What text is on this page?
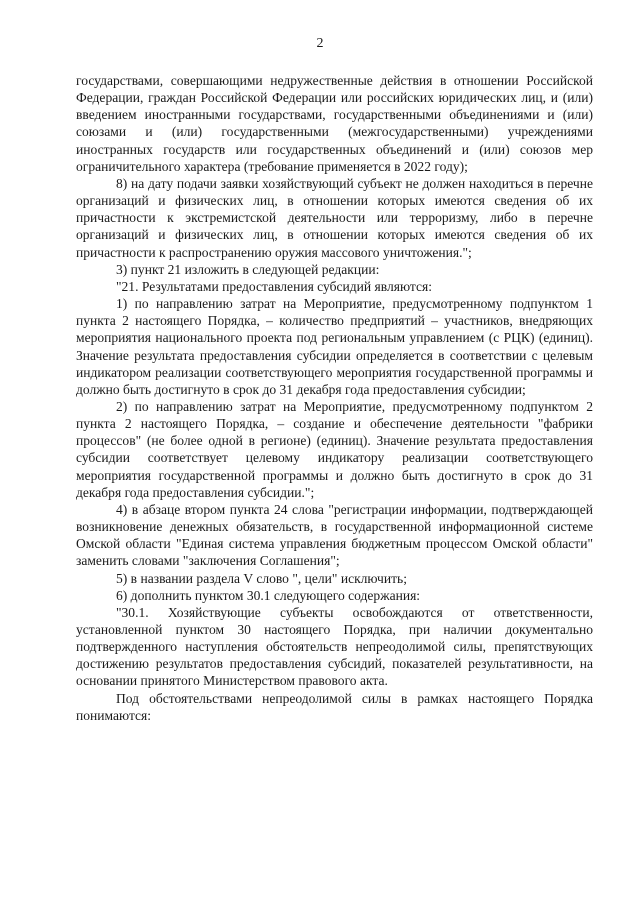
2

государствами, совершающими недружественные действия в отношении Российской Федерации, граждан Российской Федерации или российских юридических лиц, и (или) введением иностранными государствами, государственными объединениями и (или) союзами и (или) государственными (межгосударственными) учреждениями иностранных государств или государственных объединений и (или) союзов мер ограничительного характера (требование применяется в 2022 году);

8) на дату подачи заявки хозяйствующий субъект не должен находиться в перечне организаций и физических лиц, в отношении которых имеются сведения об их причастности к экстремистской деятельности или терроризму, либо в перечне организаций и физических лиц, в отношении которых имеются сведения об их причастности к распространению оружия массового уничтожения.";

3) пункт 21 изложить в следующей редакции:

"21. Результатами предоставления субсидий являются:

1) по направлению затрат на Мероприятие, предусмотренному подпунктом 1 пункта 2 настоящего Порядка, – количество предприятий – участников, внедряющих мероприятия национального проекта под региональным управлением (с РЦК) (единиц). Значение результата предоставления субсидии определяется в соответствии с целевым индикатором реализации соответствующего мероприятия государственной программы и должно быть достигнуто в срок до 31 декабря года предоставления субсидии;

2) по направлению затрат на Мероприятие, предусмотренному подпунктом 2 пункта 2 настоящего Порядка, – создание и обеспечение деятельности "фабрики процессов" (не более одной в регионе) (единиц). Значение результата предоставления субсидии соответствует целевому индикатору реализации соответствующего мероприятия государственной программы и должно быть достигнуто в срок до 31 декабря года предоставления субсидии.";

4) в абзаце втором пункта 24 слова "регистрации информации, подтверждающей возникновение денежных обязательств, в государственной информационной системе Омской области "Единая система управления бюджетным процессом Омской области" заменить словами "заключения Соглашения";

5) в названии раздела V слово ", цели" исключить;

6) дополнить пунктом 30.1 следующего содержания:

"30.1. Хозяйствующие субъекты освобождаются от ответственности, установленной пунктом 30 настоящего Порядка, при наличии документально подтвержденного наступления обстоятельств непреодолимой силы, препятствующих достижению результатов предоставления субсидий, показателей результативности, на основании принятого Министерством правового акта.

Под обстоятельствами непреодолимой силы в рамках настоящего Порядка понимаются:
